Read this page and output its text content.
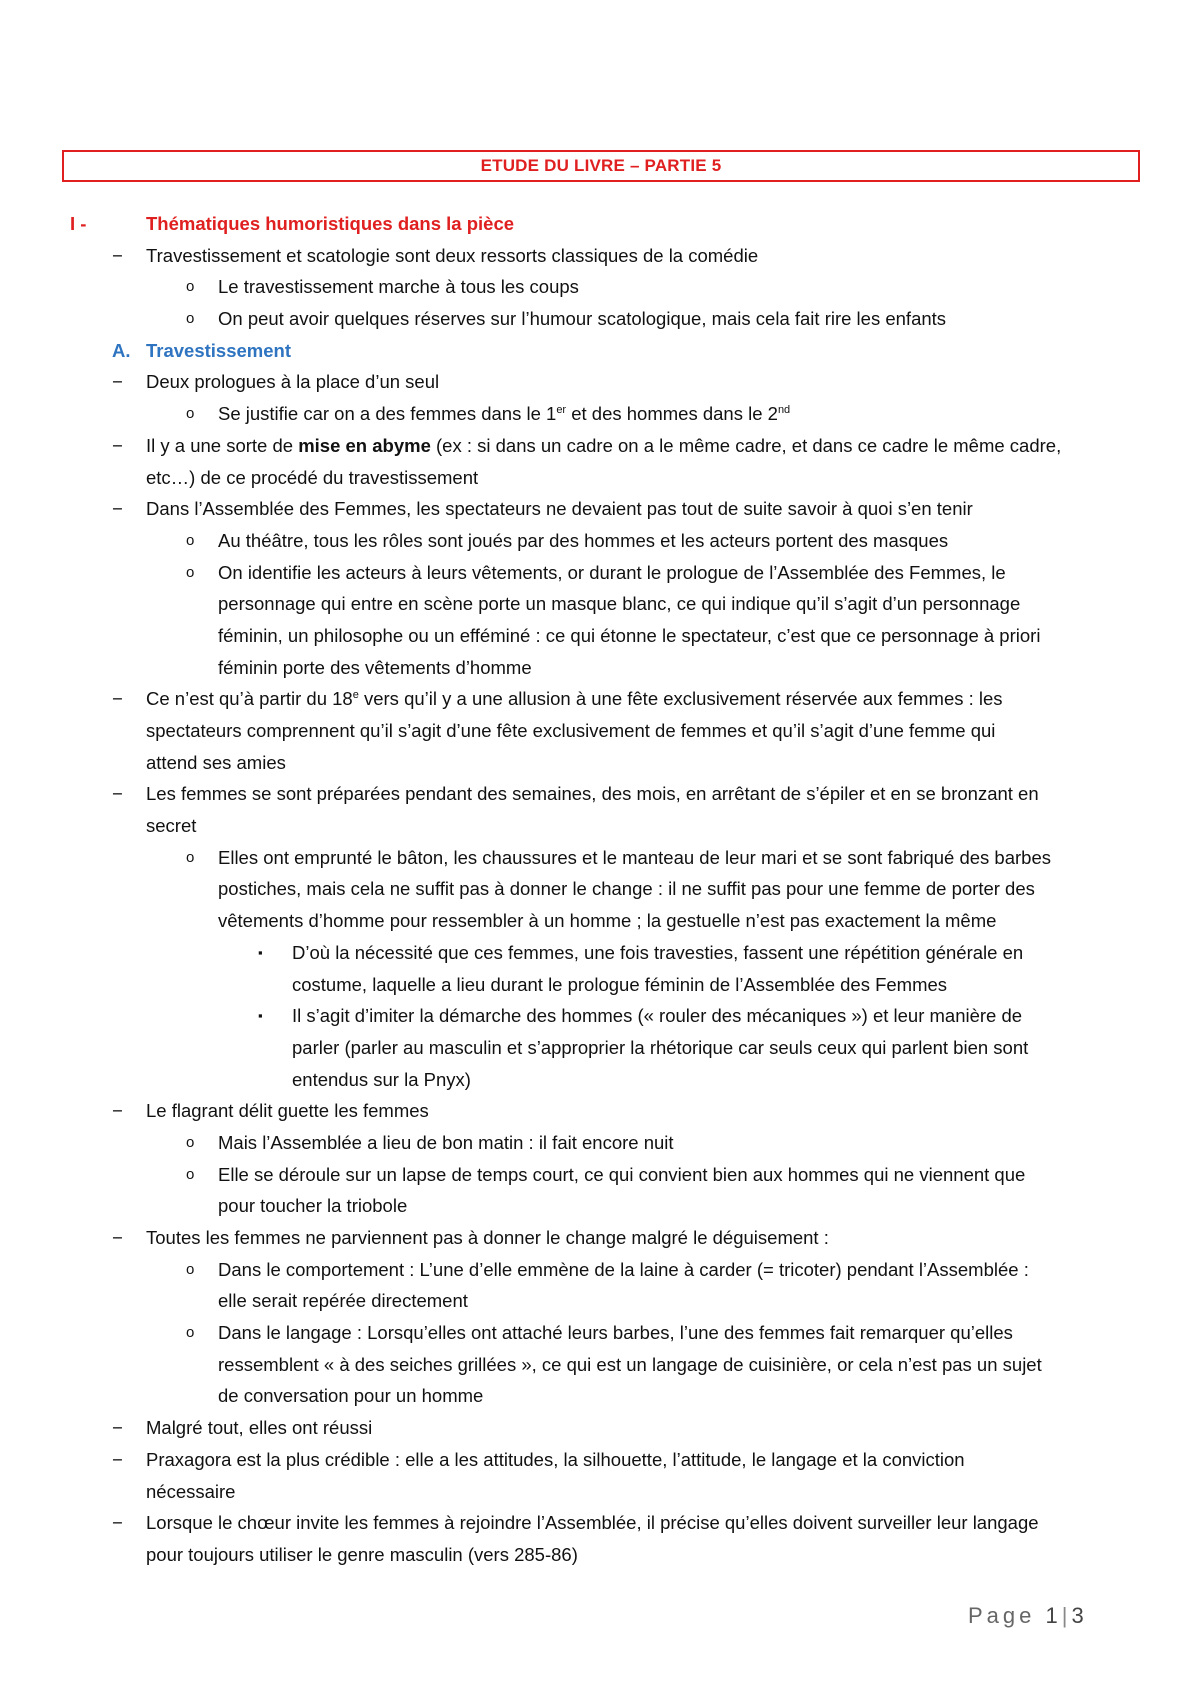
ETUDE DU LIVRE – PARTIE 5
I -	Thématiques humoristiques dans la pièce
− Travestissement et scatologie sont deux ressorts classiques de la comédie
o Le travestissement marche à tous les coups
o On peut avoir quelques réserves sur l’humour scatologique, mais cela fait rire les enfants
A. Travestissement
− Deux prologues à la place d’un seul
o Se justifie car on a des femmes dans le 1er et des hommes dans le 2nd
− Il y a une sorte de mise en abyme (ex : si dans un cadre on a le même cadre, et dans ce cadre le même cadre,
etc…) de ce procédé du travestissement
− Dans l’Assemblée des Femmes, les spectateurs ne devaient pas tout de suite savoir à quoi s’en tenir
o Au théâtre, tous les rôles sont joués par des hommes et les acteurs portent des masques
o On identifie les acteurs à leurs vêtements, or durant le prologue de l’Assemblée des Femmes, le
personnage qui entre en scène porte un masque blanc, ce qui indique qu’il s’agit d’un personnage
féminin, un philosophe ou un efféminé : ce qui étonne le spectateur, c’est que ce personnage à priori
féminin porte des vêtements d’homme
− Ce n’est qu’à partir du 18e vers qu’il y a une allusion à une fête exclusivement réservée aux femmes : les
spectateurs comprennent qu’il s’agit d’une fête exclusivement de femmes et qu’il s’agit d’une femme qui
attend ses amies
− Les femmes se sont préparées pendant des semaines, des mois, en arrêtant de s’épiler et en se bronzant en
secret
o Elles ont emprunté le bâton, les chaussures et le manteau de leur mari et se sont fabriqué des barbes
postiches, mais cela ne suffit pas à donner le change : il ne suffit pas pour une femme de porter des
vêtements d’homme pour ressembler à un homme ; la gestuelle n’est pas exactement la même
▪ D’où la nécessité que ces femmes, une fois travesties, fassent une répétition générale en
costume, laquelle a lieu durant le prologue féminin de l’Assemblée des Femmes
▪ Il s’agit d’imiter la démarche des hommes (« rouler des mécaniques ») et leur manière de
parler (parler au masculin et s’approprier la rhétorique car seuls ceux qui parlent bien sont
entendus sur la Pnyx)
− Le flagrant délit guette les femmes
o Mais l’Assemblée a lieu de bon matin : il fait encore nuit
o Elle se déroule sur un lapse de temps court, ce qui convient bien aux hommes qui ne viennent que
pour toucher la triobole
− Toutes les femmes ne parviennent pas à donner le change malgré le déguisement :
o Dans le comportement : L’une d’elle emmène de la laine à carder (= tricoter) pendant l’Assemblée :
elle serait repérée directement
o Dans le langage : Lorsqu’elles ont attaché leurs barbes, l’une des femmes fait remarquer qu’elles
ressemblent « à des seiches grillées », ce qui est un langage de cuisinière, or cela n’est pas un sujet
de conversation pour un homme
− Malgré tout, elles ont réussi
− Praxagora est la plus crédible : elle a les attitudes, la silhouette, l’attitude, le langage et la conviction
nécessaire
− Lorsque le chœur invite les femmes à rejoindre l’Assemblée, il précise qu’elles doivent surveiller leur langage
pour toujours utiliser le genre masculin (vers 285-86)
Page 1|3
